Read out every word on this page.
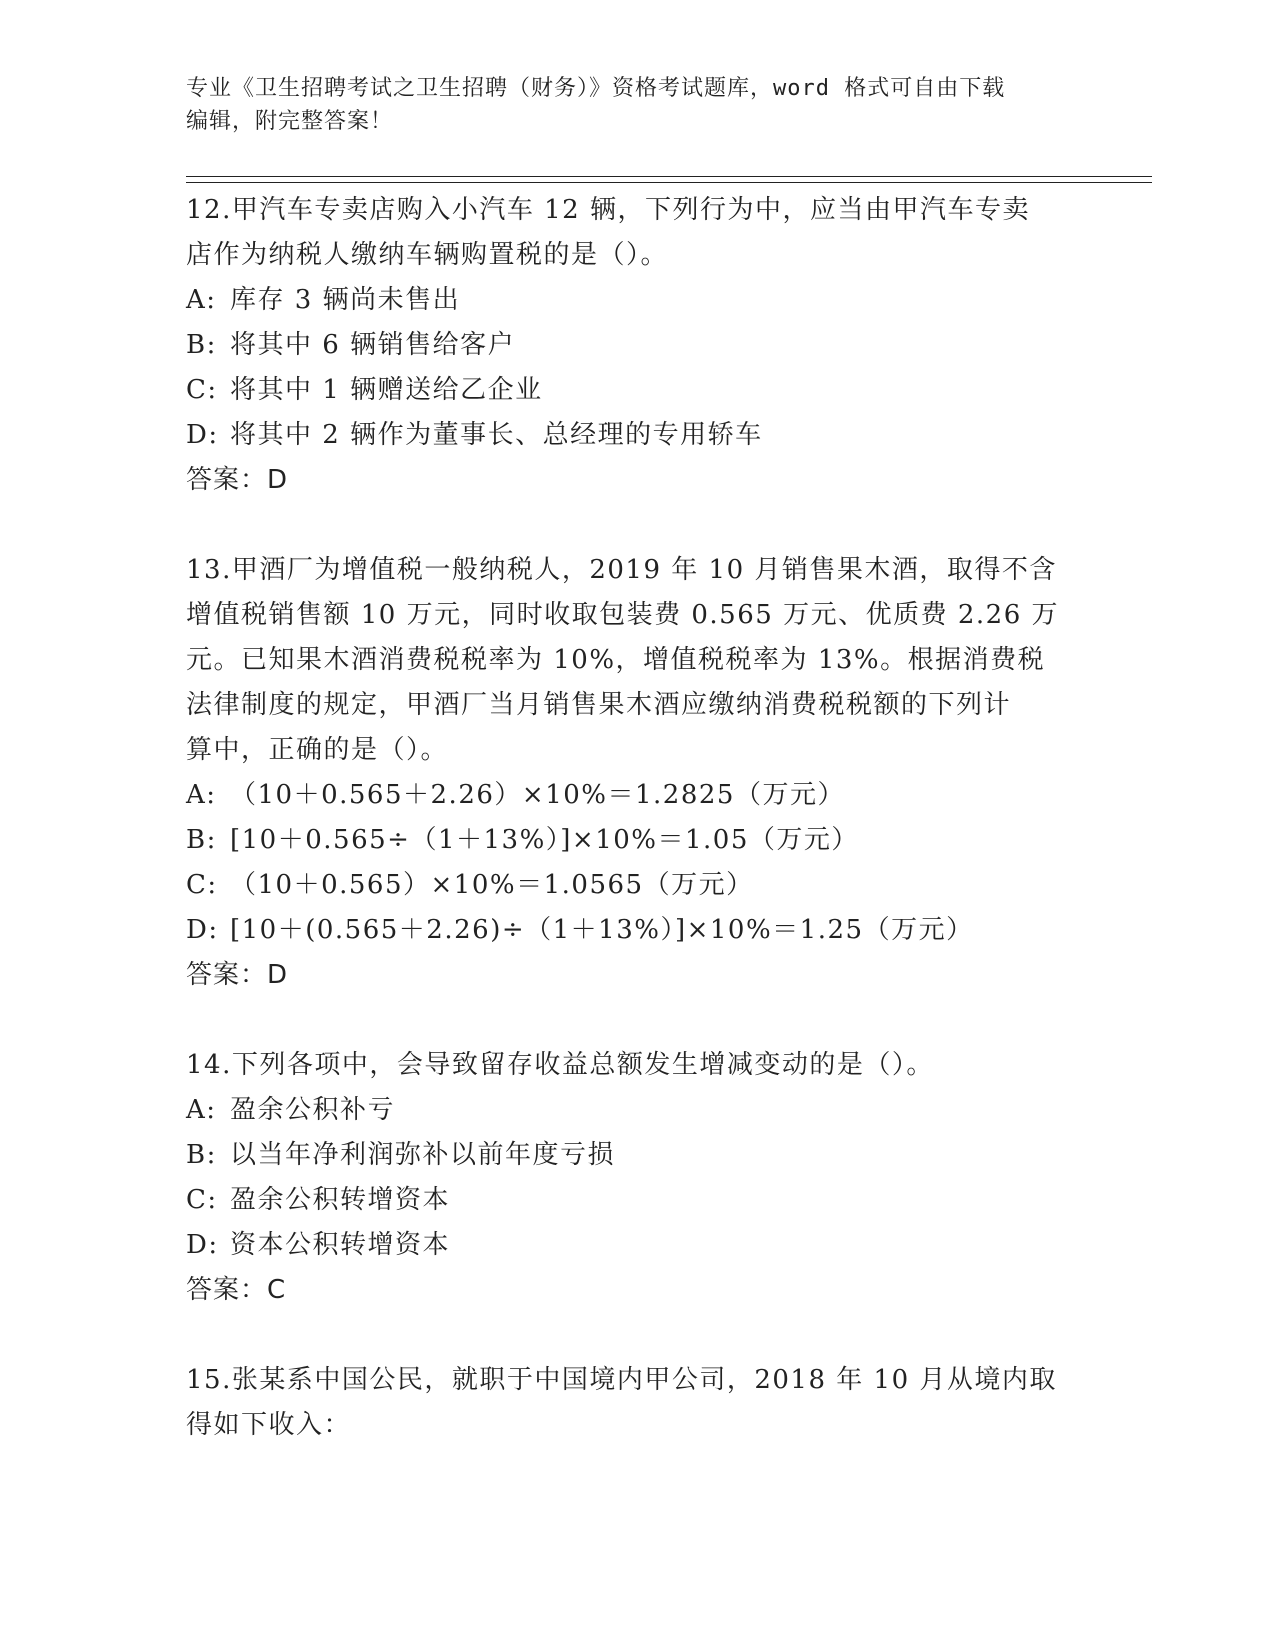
专业《卫生招聘考试之卫生招聘（财务）》资格考试题库，word 格式可自由下载
编辑，附完整答案！

12.甲汽车专卖店购入小汽车 12 辆，下列行为中，应当由甲汽车专卖
店作为纳税人缴纳车辆购置税的是（）。

A: 库存 3 辆尚未售出
B: 将其中 6 辆销售给客户
C: 将其中 1 辆赠送给乙企业
D: 将其中 2 辆作为董事长、总经理的专用轿车
答案：D

13.甲酒厂为增值税一般纳税人，2019 年 10 月销售果木酒，取得不含
增值税销售额 10 万元，同时收取包装费 0.565 万元、优质费 2.26 万
元。已知果木酒消费税税率为 10%，增值税税率为 13%。根据消费税
法律制度的规定，甲酒厂当月销售果木酒应缴纳消费税税额的下列计
算中，正确的是（）。

A: （10＋0.565＋2.26）×10%＝1.2825（万元）
B: [10＋0.565÷（1＋13%）]×10%＝1.05（万元）
C: （10＋0.565）×10%＝1.0565（万元）
D: [10＋(0.565＋2.26)÷（1＋13%）]×10%＝1.25（万元）
答案：D

14.下列各项中，会导致留存收益总额发生增减变动的是（）。

A: 盈余公积补亏
B: 以当年净利润弥补以前年度亏损
C: 盈余公积转增资本
D: 资本公积转增资本
答案：C

15.张某系中国公民，就职于中国境内甲公司，2018 年 10 月从境内取
得如下收入：
